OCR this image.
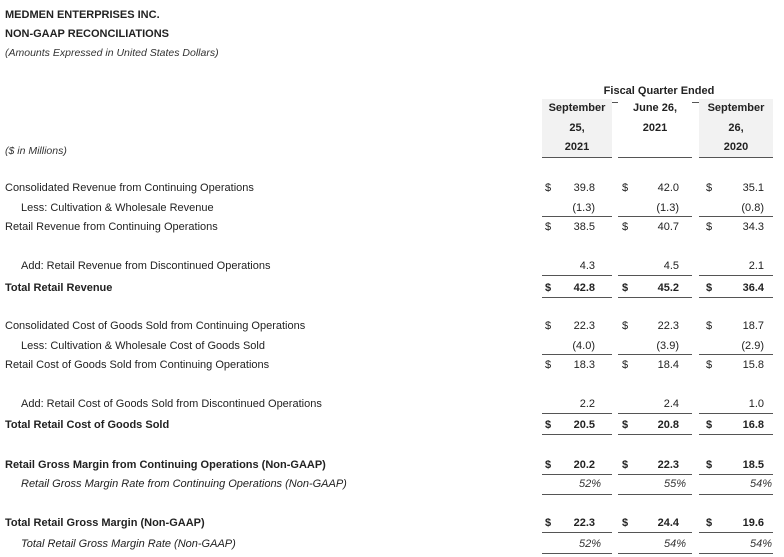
MEDMEN ENTERPRISES INC.
NON-GAAP RECONCILIATIONS
(Amounts Expressed in United States Dollars)
($ in Millions)
Fiscal Quarter Ended
September
25,
2021
June 26,
2021
September
26,
2020
Consolidated Revenue from Continuing Operations	$ 39.8 $	42.0 $	35.1
Less: Cultivation & Wholesale Revenue	(1.3)	(1.3)	(0.8)
Retail Revenue from Continuing Operations	$ 38.5 $	40.7 $	34.3
Add: Retail Revenue from Discontinued Operations	4.3	4.5	2.1
Total Retail Revenue	$ 42.8 $	45.2 $	36.4
Consolidated Cost of Goods Sold from Continuing Operations	$ 22.3 $	22.3 $	18.7
Less: Cultivation & Wholesale Cost of Goods Sold	(4.0)	(3.9)	(2.9)
Retail Cost of Goods Sold from Continuing Operations	$ 18.3 $	18.4 $	15.8
Add: Retail Cost of Goods Sold from Discontinued Operations	2.2	2.4	1.0
Total Retail Cost of Goods Sold	$ 20.5 $	20.8 $	16.8
Retail Gross Margin from Continuing Operations (Non-GAAP)	$ 20.2 $	22.3 $	18.5
Retail Gross Margin Rate from Continuing Operations (Non-GAAP)	52%	55%	54%
Total Retail Gross Margin (Non-GAAP)	$ 22.3 $	24.4 $	19.6
Total Retail Gross Margin Rate (Non-GAAP)	52%	54%	54%
